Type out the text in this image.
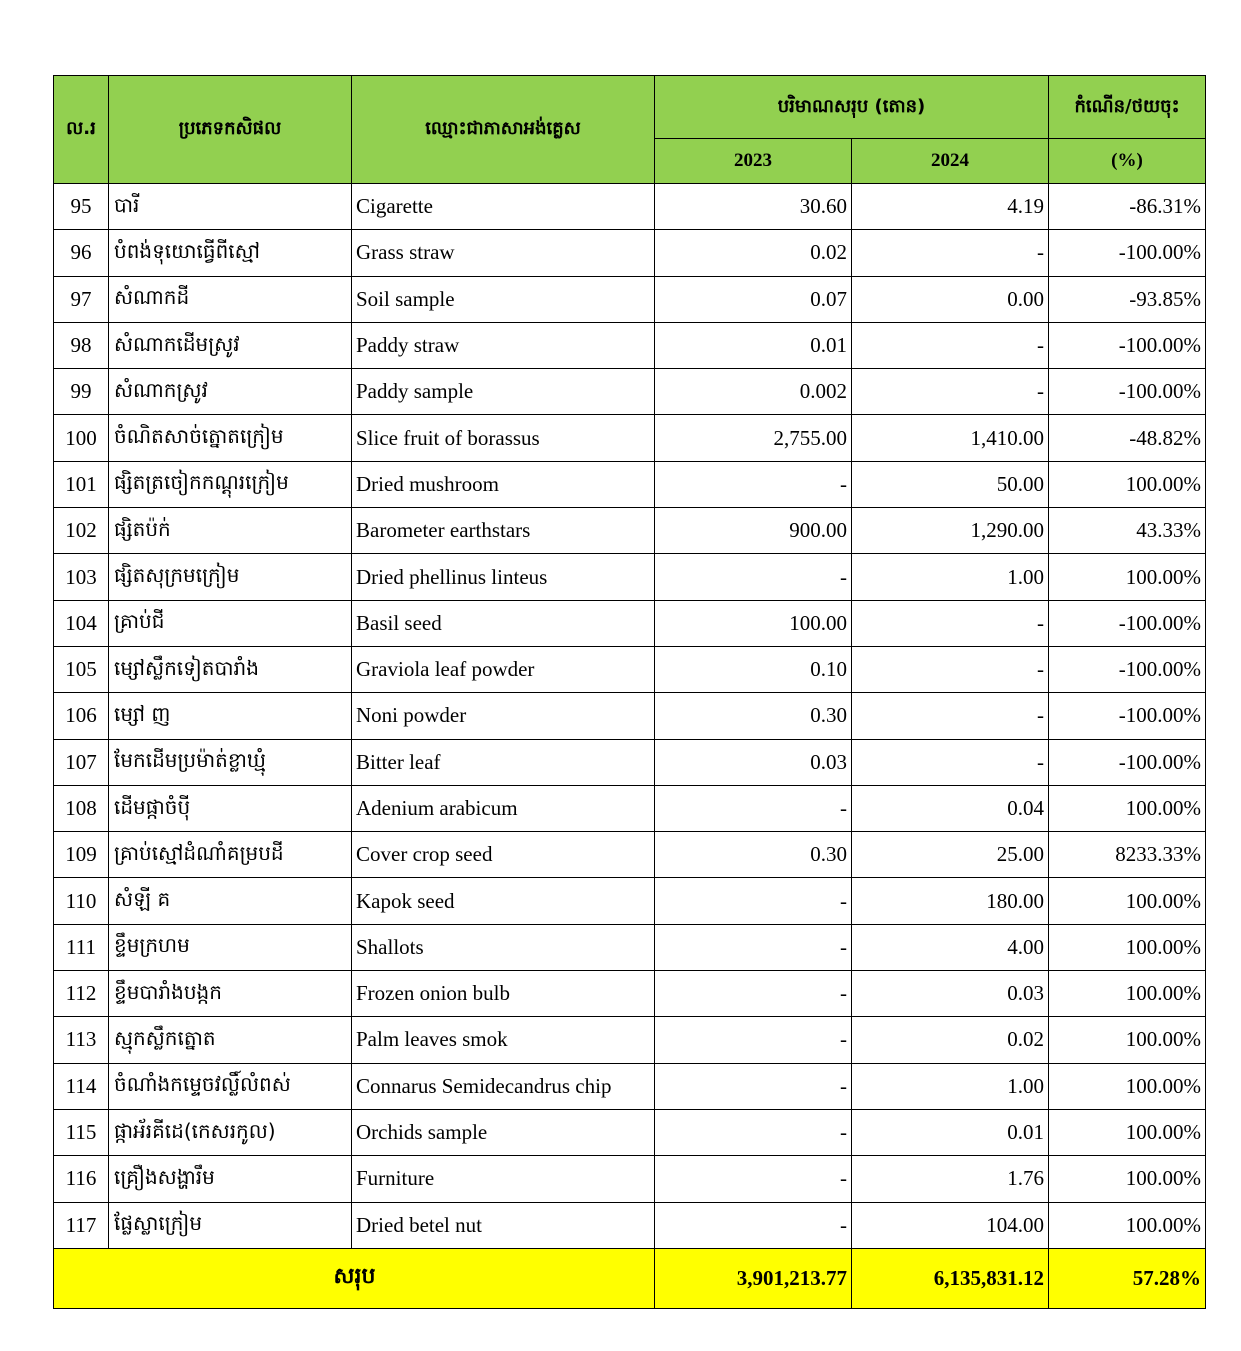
ល.រ	ប្រភេទកសិផល	ឈ្មោះជាភាសាអង់គ្លេស	បរិមាណសរុប (តោន)		កំណើន/ថយចុះ
			2023	2024	(%)
95	បារី	Cigarette	30.60	4.19	-86.31%
96	បំពង់ទុយោធ្វើពីស្មៅ	Grass straw	0.02	-	-100.00%
97	សំណាកដី	Soil sample	0.07	0.00	-93.85%
98	សំណាកដើមស្រូវ	Paddy straw	0.01	-	-100.00%
99	សំណាកស្រូវ	Paddy sample	0.002	-	-100.00%
100	ចំណិតសាច់ត្នោតក្រៀម	Slice fruit of borassus	2,755.00	1,410.00	-48.82%
101	ផ្សិតត្រចៀកកណ្ដុរក្រៀម	Dried mushroom	-	50.00	100.00%
102	ផ្សិតប៉ក់	Barometer earthstars	900.00	1,290.00	43.33%
103	ផ្សិតសុក្រមក្រៀម	Dried phellinus linteus	-	1.00	100.00%
104	គ្រាប់ជី	Basil seed	100.00	-	-100.00%
105	ម្សៅស្លឹកទៀតបារាំង	Graviola leaf powder	0.10	-	-100.00%
106	ម្សៅ ញ	Noni powder	0.30	-	-100.00%
107	មែកដើមប្រម៉ាត់ខ្លាឃ្មុំ	Bitter leaf	0.03	-	-100.00%
108	ដើមផ្កាចំប៉ី	Adenium arabicum	-	0.04	100.00%
109	គ្រាប់ស្មៅដំណាំគម្របដី	Cover crop seed	0.30	25.00	8233.33%
110	សំឡី គ	Kapok seed	-	180.00	100.00%
111	ខ្ទឹមក្រហម	Shallots	-	4.00	100.00%
112	ខ្ទឹមបារាំងបង្កក	Frozen onion bulb	-	0.03	100.00%
113	ស្មុកស្លឹកត្នោត	Palm leaves smok	-	0.02	100.00%
114	ចំណាំងកម្ទេចវល្លិ៍លំពស់	Connarus Semidecandrus chip	-	1.00	100.00%
115	ផ្កាអ័រគីដេ(កេសរកូល)	Orchids sample	-	0.01	100.00%
116	គ្រឿងសង្ហារឹម	Furniture	-	1.76	100.00%
117	ផ្លែស្លាក្រៀម	Dried betel nut	-	104.00	100.00%
សរុប			3,901,213.77	6,135,831.12	57.28%
